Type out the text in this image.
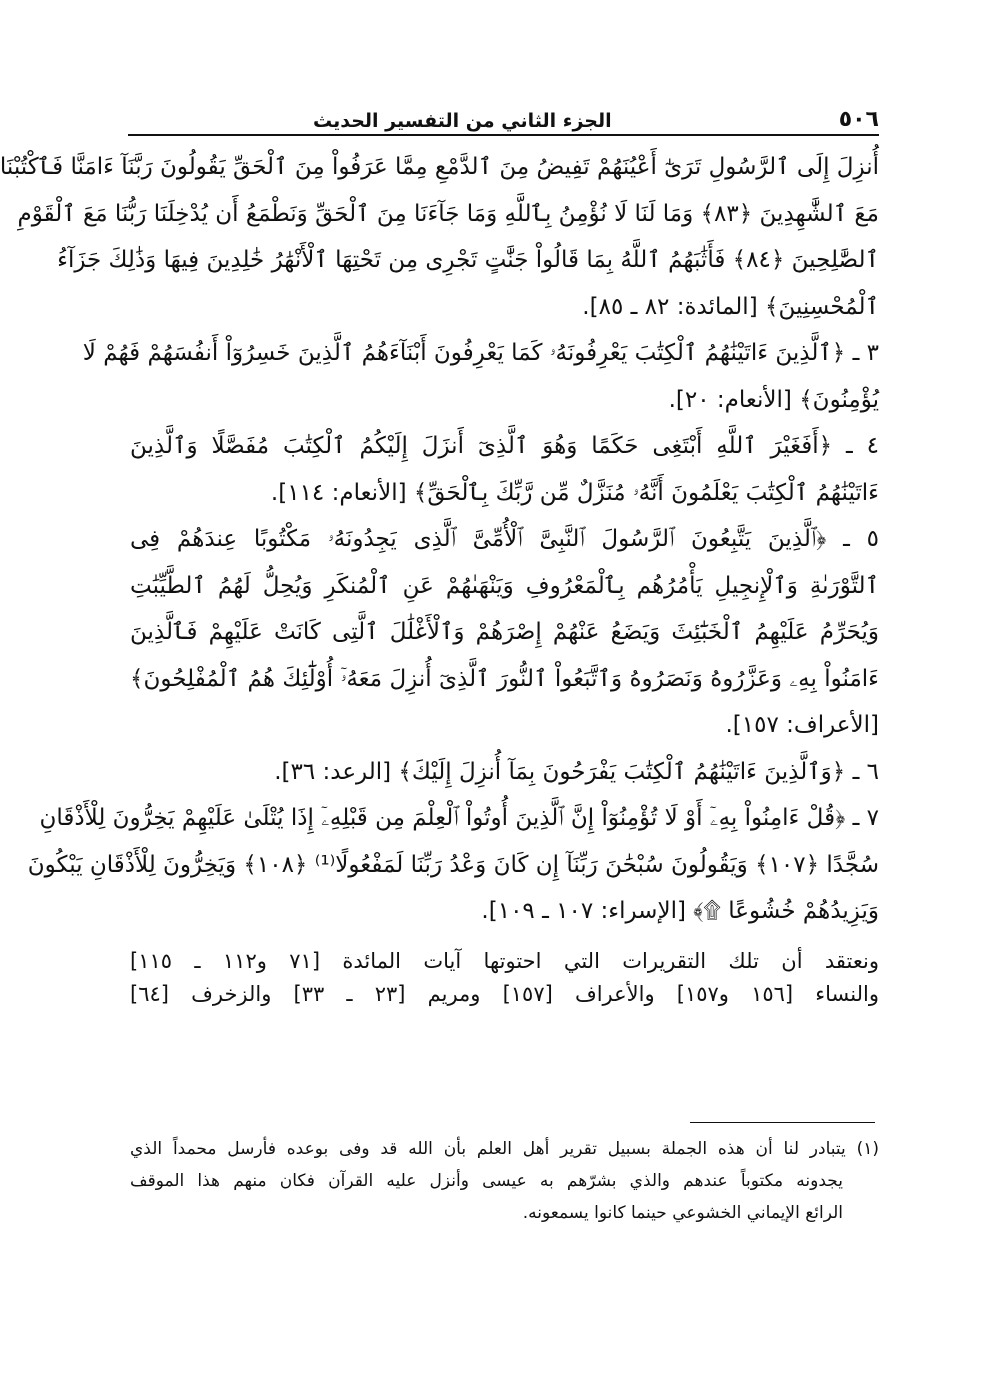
٥٠٦
الجزء الثاني من التفسير الحديث
أُنزِلَ إِلَى ٱلرَّسُولِ تَرَىٰٓ أَعْيُنَهُمْ تَفِيضُ مِنَ ٱلدَّمْعِ مِمَّا عَرَفُواْ مِنَ ٱلْحَقِّ يَقُولُونَ رَبَّنَآ ءَامَنَّا فَٱكْتُبْنَا
مَعَ ٱلشَّٰهِدِينَ ﴿٨٣﴾ وَمَا لَنَا لَا نُؤْمِنُ بِٱللَّهِ وَمَا جَآءَنَا مِنَ ٱلْحَقِّ وَنَطْمَعُ أَن يُدْخِلَنَا رَبُّنَا مَعَ ٱلْقَوْمِ
ٱلصَّٰلِحِينَ ﴿٨٤﴾ فَأَثَٰبَهُمُ ٱللَّهُ بِمَا قَالُواْ جَنَّٰتٍ تَجْرِى مِن تَحْتِهَا ٱلْأَنْهَٰرُ خَٰلِدِينَ فِيهَا وَذَٰلِكَ جَزَآءُ
ٱلْمُحْسِنِينَ﴾ [المائدة: ٨٢ ـ ٨٥].
٣ ـ ﴿ٱلَّذِينَ ءَاتَيْنَٰهُمُ ٱلْكِتَٰبَ يَعْرِفُونَهُۥ كَمَا يَعْرِفُونَ أَبْنَآءَهُمُ ٱلَّذِينَ خَسِرُوٓاْ أَنفُسَهُمْ فَهُمْ لَا
يُؤْمِنُونَ﴾ [الأنعام: ٢٠].
٤ ـ ﴿أَفَغَيْرَ ٱللَّهِ أَبْتَغِى حَكَمًا وَهُوَ ٱلَّذِىٓ أَنزَلَ إِلَيْكُمُ ٱلْكِتَٰبَ مُفَصَّلًا وَٱلَّذِينَ
ءَاتَيْنَٰهُمُ ٱلْكِتَٰبَ يَعْلَمُونَ أَنَّهُۥ مُنَزَّلٌ مِّن رَّبِّكَ بِٱلْحَقِّ﴾ [الأنعام: ١١٤].
٥ ـ ﴿ٱلَّذِينَ يَتَّبِعُونَ ٱلرَّسُولَ ٱلنَّبِىَّ ٱلْأُمِّىَّ ٱلَّذِى يَجِدُونَهُۥ مَكْتُوبًا عِندَهُمْ فِى
ٱلتَّوْرَىٰةِ وَٱلْإِنجِيلِ يَأْمُرُهُم بِٱلْمَعْرُوفِ وَيَنْهَىٰهُمْ عَنِ ٱلْمُنكَرِ وَيُحِلُّ لَهُمُ ٱلطَّيِّبَٰتِ
وَيُحَرِّمُ عَلَيْهِمُ ٱلْخَبَٰٓئِثَ وَيَضَعُ عَنْهُمْ إِصْرَهُمْ وَٱلْأَغْلَٰلَ ٱلَّتِى كَانَتْ عَلَيْهِمْ فَٱلَّذِينَ
ءَامَنُواْ بِهِۦ وَعَزَّرُوهُ وَنَصَرُوهُ وَٱتَّبَعُواْ ٱلنُّورَ ٱلَّذِىٓ أُنزِلَ مَعَهُۥٓ أُوْلَٰٓئِكَ هُمُ ٱلْمُفْلِحُونَ﴾
[الأعراف: ١٥٧].
٦ ـ ﴿وَٱلَّذِينَ ءَاتَيْنَٰهُمُ ٱلْكِتَٰبَ يَفْرَحُونَ بِمَآ أُنزِلَ إِلَيْكَ﴾ [الرعد: ٣٦].
٧ ـ ﴿قُلْ ءَامِنُواْ بِهِۦٓ أَوْ لَا تُؤْمِنُوٓاْ إِنَّ ٱلَّذِينَ أُوتُواْ ٱلْعِلْمَ مِن قَبْلِهِۦٓ إِذَا يُتْلَىٰ عَلَيْهِمْ يَخِرُّونَ لِلْأَذْقَانِ
سُجَّدًا ﴿١٠٧﴾ وَيَقُولُونَ سُبْحَٰنَ رَبِّنَآ إِن كَانَ وَعْدُ رَبِّنَا لَمَفْعُولًا⁽¹⁾ ﴿١٠٨﴾ وَيَخِرُّونَ لِلْأَذْقَانِ يَبْكُونَ
وَيَزِيدُهُمْ خُشُوعًا ۩﴾ [الإسراء: ١٠٧ ـ ١٠٩].
ونعتقد أن تلك التقريرات التي احتوتها آيات المائدة [٧١ و١١٢ ـ ١١٥]
والنساء [١٥٦ و١٥٧] والأعراف [١٥٧] ومريم [٢٣ ـ ٣٣] والزخرف [٦٤]
(١) يتبادر لنا أن هذه الجملة بسبيل تقرير أهل العلم بأن الله قد وفى بوعده فأرسل محمداً الذي
يجدونه مكتوباً عندهم والذي بشرّهم به عيسى وأنزل عليه القرآن فكان منهم هذا الموقف
الرائع الإيماني الخشوعي حينما كانوا يسمعونه.
